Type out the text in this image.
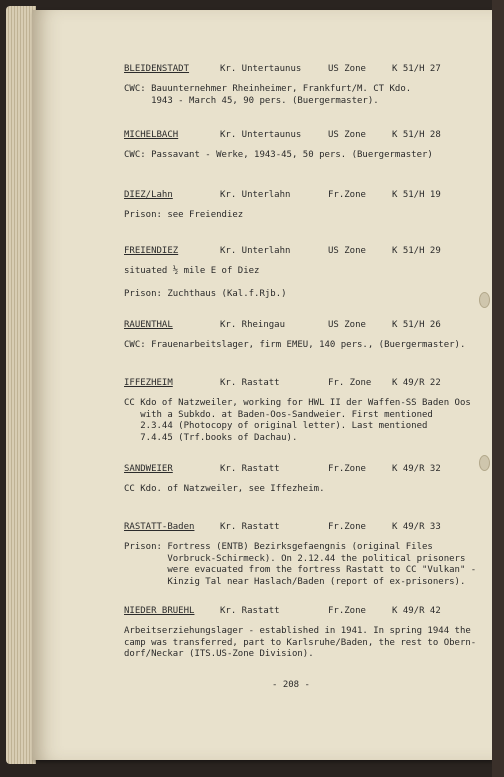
BLEIDENSTADT	Kr. Untertaunus	US Zone	K 51/H 27
CWC: Bauunternehmer Rheinheimer, Frankfurt/M. CT Kdo.
1943 - March 45, 90 pers. (Buergermaster).
MICHELBACH	Kr. Untertaunus	US Zone	K 51/H 28
CWC: Passavant - Werke, 1943-45, 50 pers. (Buergermaster)
DIEZ/Lahn	Kr. Unterlahn	Fr.Zone	K 51/H 19
Prison: see Freiendiez
FREIENDIEZ	Kr. Unterlahn	US Zone	K 51/H 29
situated ½ mile E of Diez

Prison: Zuchthaus (Kal.f.Rjb.)
RAUENTHAL	Kr. Rheingau	US Zone	K 51/H 26
CWC: Frauenarbeitslager, firm EMEU, 140 pers., (Buergermaster).
IFFEZHEIM	Kr. Rastatt	Fr. Zone K 49/R 22
CC Kdo of Natzweiler, working for HWL II der Waffen-SS Baden Oos
with a Subkdo. at Baden-Oos-Sandweier. First mentioned
2.3.44 (Photocopy of original letter). Last mentioned
7.4.45 (Trf.books of Dachau).
SANDWEIER	Kr. Rastatt	Fr.Zone	K 49/R 32
CC Kdo. of Natzweiler, see Iffezheim.
RASTATT-Baden	Kr. Rastatt	Fr.Zone	K 49/R 33
Prison: Fortress (ENTB) Bezirksgefaengnis (original Files
Vorbruck-Schirmeck). On 2.12.44 the political prisoners
were evacuated from the fortress Rastatt to CC "Vulkan" -
Kinzig Tal near Haslach/Baden (report of ex-prisoners).
NIEDER BRUEHL	Kr. Rastatt	Fr.Zone	K 49/R 42
Arbeitserziehungslager - established in 1941. In spring 1944 the
camp was transferred, part to Karlsruhe/Baden, the rest to Obern-
dorf/Neckar (ITS.US-Zone Division).
- 208 -
